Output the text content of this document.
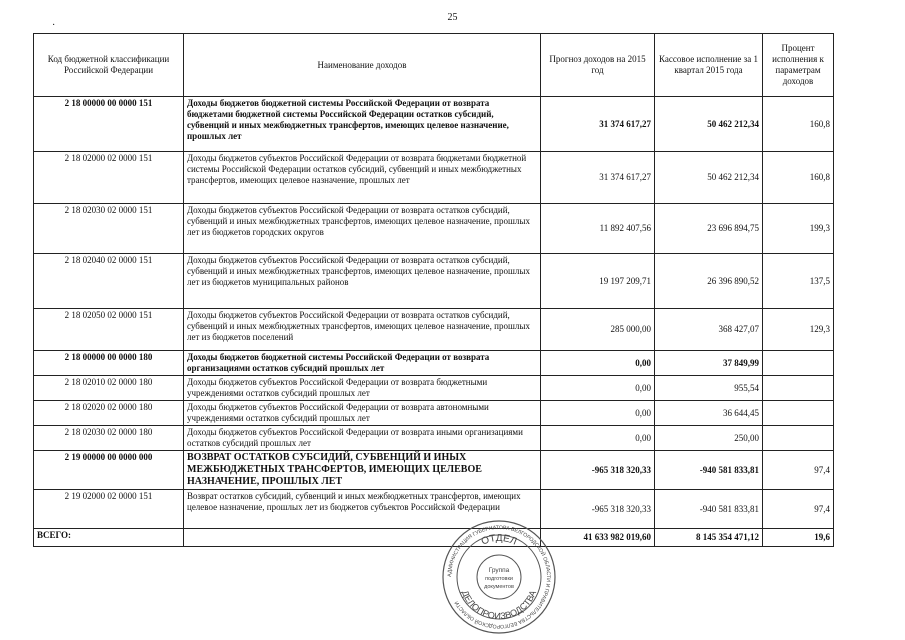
25
·
Код бюджетной классификации Российской Федерации	Наименование доходов	Прогноз доходов на 2015 год	Кассовое исполнение за 1 квартал 2015 года	Процент исполнения к параметрам доходов
2 18 00000 00 0000 151	Доходы бюджетов бюджетной системы Российской Федерации от возврата бюджетами бюджетной системы Российской Федерации остатков субсидий, субвенций и иных межбюджетных трансфертов, имеющих целевое назначение, прошлых лет	31 374 617,27	50 462 212,34	160,8
2 18 02000 02 0000 151	Доходы бюджетов субъектов Российской Федерации от возврата бюджетами бюджетной системы Российской Федерации остатков субсидий, субвенций и иных межбюджетных трансфертов, имеющих целевое назначение, прошлых лет	31 374 617,27	50 462 212,34	160,8
2 18 02030 02 0000 151	Доходы бюджетов субъектов Российской Федерации от возврата остатков субсидий, субвенций и иных межбюджетных трансфертов, имеющих целевое назначение, прошлых лет из бюджетов городских округов	11 892 407,56	23 696 894,75	199,3
2 18 02040 02 0000 151	Доходы бюджетов субъектов Российской Федерации от возврата остатков субсидий, субвенций и иных межбюджетных трансфертов, имеющих целевое назначение, прошлых лет из бюджетов муниципальных районов	19 197 209,71	26 396 890,52	137,5
2 18 02050 02 0000 151	Доходы бюджетов субъектов Российской Федерации от возврата остатков субсидий, субвенций и иных межбюджетных трансфертов, имеющих целевое назначение, прошлых лет из бюджетов поселений	285 000,00	368 427,07	129,3
2 18 00000 00 0000 180	Доходы бюджетов бюджетной системы Российской Федерации от возврата организациями остатков субсидий прошлых лет	0,00	37 849,99	
2 18 02010 02 0000 180	Доходы бюджетов субъектов Российской Федерации от возврата бюджетными учреждениями остатков субсидий прошлых лет	0,00	955,54	
2 18 02020 02 0000 180	Доходы бюджетов субъектов Российской Федерации от возврата автономными учреждениями остатков субсидий прошлых лет	0,00	36 644,45	
2 18 02030 02 0000 180	Доходы бюджетов субъектов Российской Федерации от возврата иными организациями остатков субсидий прошлых лет	0,00	250,00	
2 19 00000 00 0000 000	ВОЗВРАТ ОСТАТКОВ СУБСИДИЙ, СУБВЕНЦИЙ И ИНЫХ МЕЖБЮДЖЕТНЫХ ТРАНСФЕРТОВ, ИМЕЮЩИХ ЦЕЛЕВОЕ НАЗНАЧЕНИЕ, ПРОШЛЫХ ЛЕТ	-965 318 320,33	-940 581 833,81	97,4
2 19 02000 02 0000 151	Возврат остатков субсидий, субвенций и иных межбюджетных трансфертов, имеющих целевое назначение, прошлых лет из бюджетов субъектов Российской Федерации	-965 318 320,33	-940 581 833,81	97,4
ВСЕГО:		41 633 982 019,60	8 145 354 471,12	19,6
АДМИНИСТРАЦИЯ ГУБЕРНАТОРА БЕЛГОРОДСКОЙ ОБЛАСТИ И ПРАВИТЕЛЬСТВА БЕЛГОРОДСКОЙ ОБЛАСТИ
ОТДЕЛ
ДЕЛОПРОИЗВОДСТВА
Группа
подготовки
документов
